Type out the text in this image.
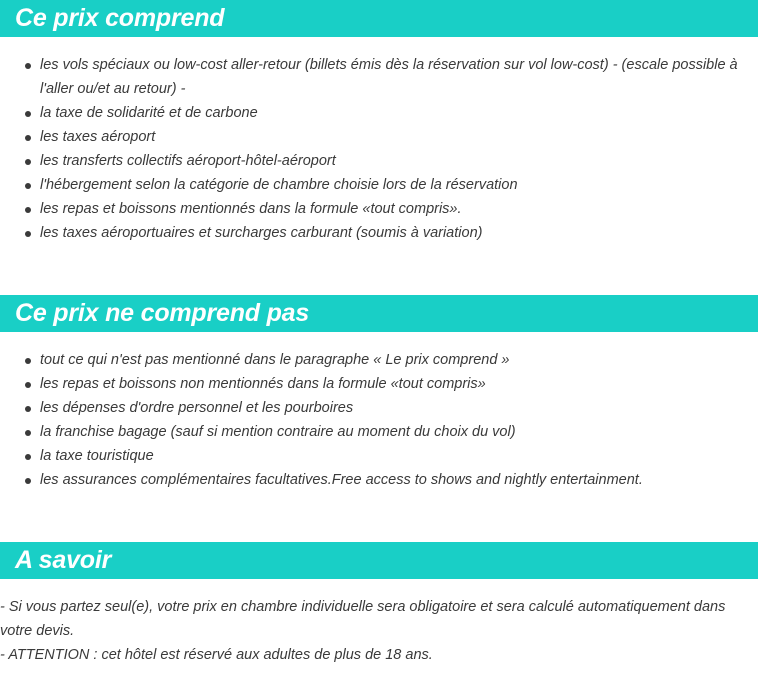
Ce prix comprend
les vols spéciaux ou low-cost aller-retour (billets émis dès la réservation sur vol low-cost) - (escale possible à l'aller ou/et au retour) -
la taxe de solidarité et de carbone
les taxes aéroport
les transferts collectifs aéroport-hôtel-aéroport
l'hébergement selon la catégorie de chambre choisie lors de la réservation
les repas et boissons mentionnés dans la formule «tout compris».
les taxes aéroportuaires et surcharges carburant (soumis à variation)
Ce prix ne comprend pas
tout ce qui n'est pas mentionné dans le paragraphe « Le prix comprend »
les repas et boissons non mentionnés dans la formule «tout compris»
les dépenses d'ordre personnel et les pourboires
la franchise bagage (sauf si mention contraire au moment du choix du vol)
la taxe touristique
les assurances complémentaires facultatives.Free access to shows and nightly entertainment.
A savoir

- Si vous partez seul(e), votre prix en chambre individuelle sera obligatoire et sera calculé automatiquement dans votre devis.
- ATTENTION : cet hôtel est réservé aux adultes de plus de 18 ans.
